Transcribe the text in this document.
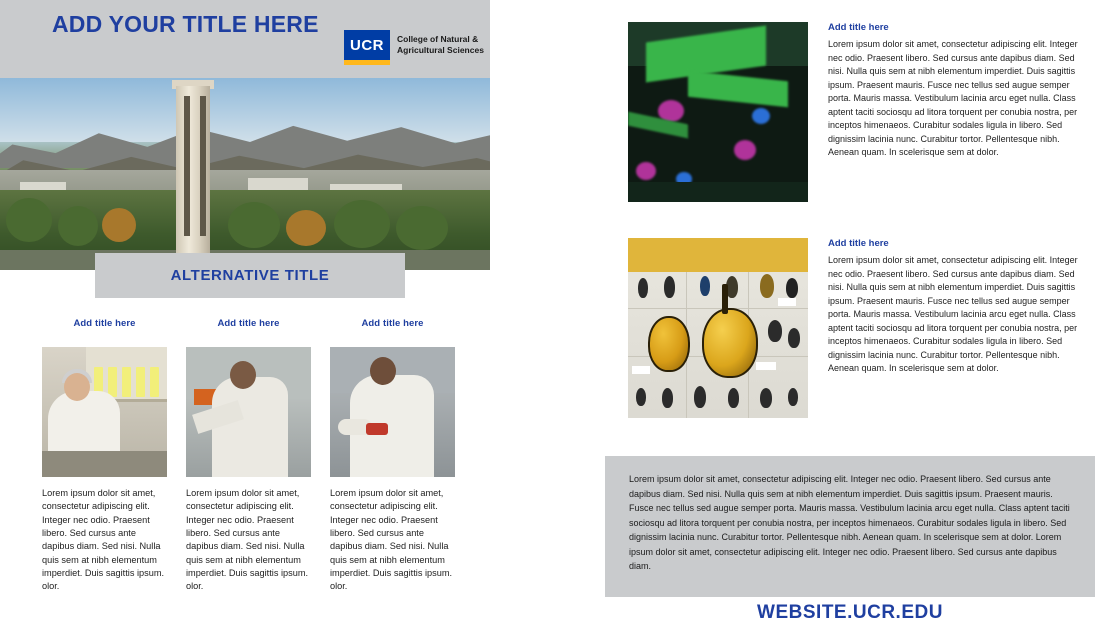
ADD YOUR TITLE HERE
UCR	College of Natural &
Agricultural Sciences
ALTERNATIVE TITLE
Add title here
Lorem ipsum dolor sit amet, consectetur adipiscing elit. Integer nec odio. Praesent libero. Sed cursus ante dapibus diam. Sed nisi. Nulla quis sem at nibh elementum imperdiet. Duis sagittis ipsum. olor.
Add title here
Lorem ipsum dolor sit amet, consectetur adipiscing elit. Integer nec odio. Praesent libero. Sed cursus ante dapibus diam. Sed nisi. Nulla quis sem at nibh elementum imperdiet. Duis sagittis ipsum. olor.
Add title here
Lorem ipsum dolor sit amet, consectetur adipiscing elit. Integer nec odio. Praesent libero. Sed cursus ante dapibus diam. Sed nisi. Nulla quis sem at nibh elementum imperdiet. Duis sagittis ipsum. olor.
Add title here
Lorem ipsum dolor sit amet, consectetur adipiscing elit. Integer nec odio. Praesent libero. Sed cursus ante dapibus diam. Sed nisi. Nulla quis sem at nibh elementum imperdiet. Duis sagittis ipsum. Praesent mauris. Fusce nec tellus sed augue semper porta. Mauris massa. Vestibulum lacinia arcu eget nulla. Class aptent taciti sociosqu ad litora torquent per conubia nostra, per inceptos himenaeos. Curabitur sodales ligula in libero. Sed dignissim lacinia nunc. Curabitur tortor. Pellentesque nibh. Aenean quam. In scelerisque sem at dolor.
Add title here
Lorem ipsum dolor sit amet, consectetur adipiscing elit. Integer nec odio. Praesent libero. Sed cursus ante dapibus diam. Sed nisi. Nulla quis sem at nibh elementum imperdiet. Duis sagittis ipsum. Praesent mauris. Fusce nec tellus sed augue semper porta. Mauris massa. Vestibulum lacinia arcu eget nulla. Class aptent taciti sociosqu ad litora torquent per conubia nostra, per inceptos himenaeos. Curabitur sodales ligula in libero. Sed dignissim lacinia nunc. Curabitur tortor. Pellentesque nibh. Aenean quam. In scelerisque sem at dolor.
Lorem ipsum dolor sit amet, consectetur adipiscing elit. Integer nec odio. Praesent libero. Sed cursus ante dapibus diam. Sed nisi. Nulla quis sem at nibh elementum imperdiet. Duis sagittis ipsum. Praesent mauris. Fusce nec tellus sed augue semper porta. Mauris massa. Vestibulum lacinia arcu eget nulla. Class aptent taciti sociosqu ad litora torquent per conubia nostra, per inceptos himenaeos. Curabitur sodales ligula in libero. Sed dignissim lacinia nunc. Curabitur tortor. Pellentesque nibh. Aenean quam. In scelerisque sem at dolor. Lorem ipsum dolor sit amet, consectetur adipiscing elit. Integer nec odio. Praesent libero. Sed cursus ante dapibus diam.
WEBSITE.UCR.EDU
